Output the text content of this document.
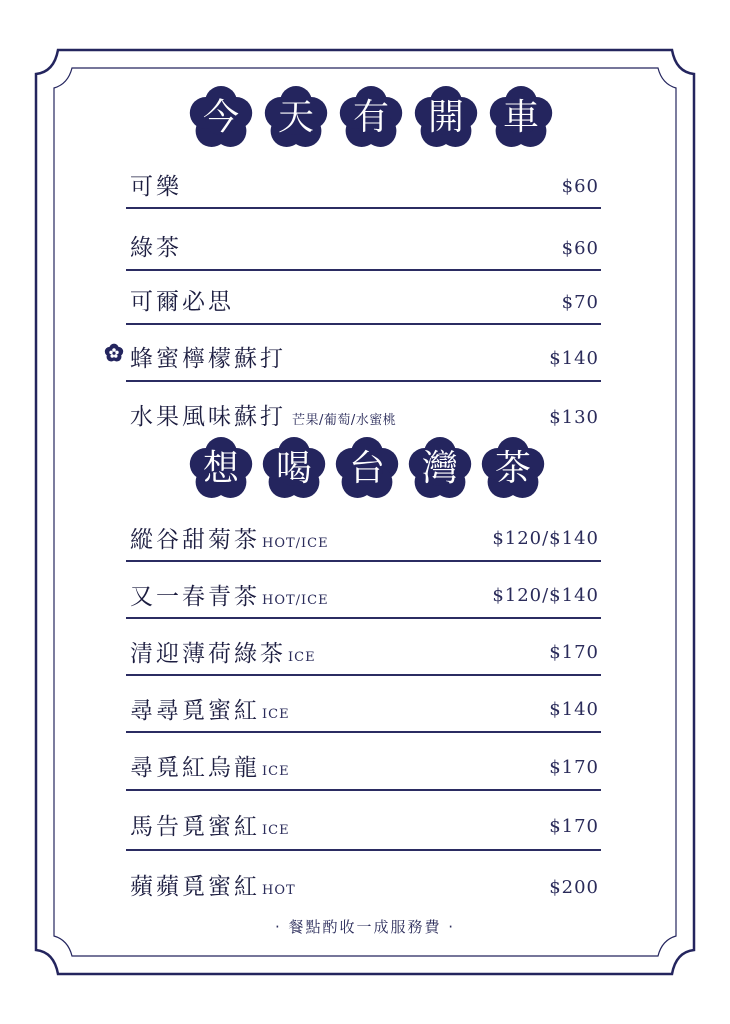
今	天	有	開	車
可樂	$60
綠茶	$60
可爾必思	$70
蜂蜜檸檬蘇打	$140
水果風味蘇打 芒果/葡萄/水蜜桃	$130
想	喝	台	灣	茶
縱谷甜菊茶 HOT/ICE	$120/$140
又一春青茶 HOT/ICE	$120/$140
清迎薄荷綠茶 ICE	$170
尋尋覓蜜紅 ICE	$140
尋覓紅烏龍 ICE	$170
馬告覓蜜紅 ICE	$170
蘋蘋覓蜜紅 HOT	$200
· 餐點酌收一成服務費 ·
